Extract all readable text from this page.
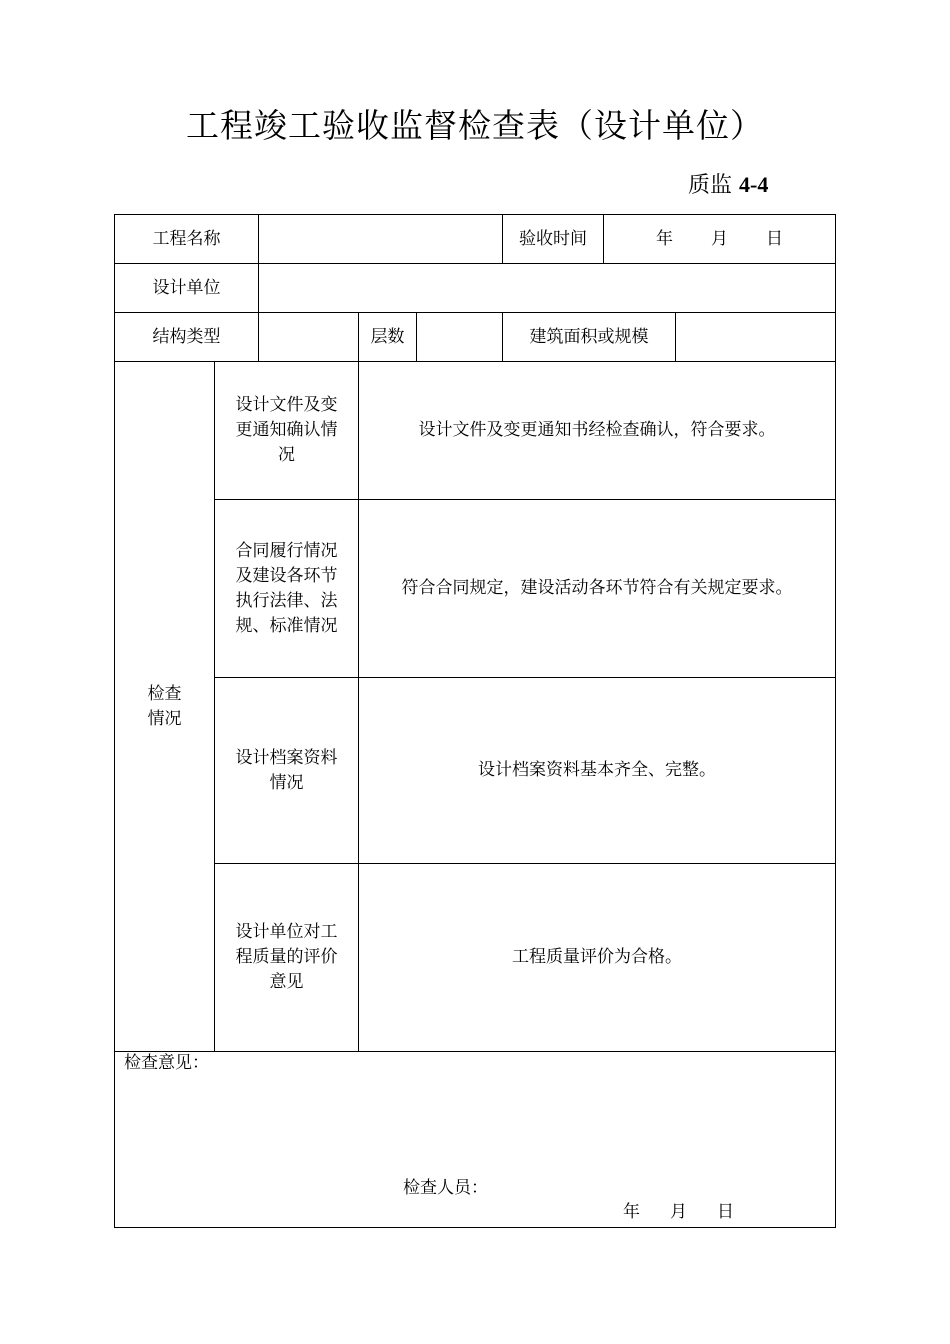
工程竣工验收监督检查表（设计单位）
质监 4-4
工程名称					验收时间	年 月 日	
设计单位							
结构类型			层数		建筑面积或规模		
检查
情况	设计文件及变更通知确认情况		设计文件及变更通知书经检查确认，符合要求。				
	合同履行情况及建设各环节执行法律、法规、标准情况		符合合同规定，建设活动各环节符合有关规定要求。				
	设计档案资料情况		设计档案资料基本齐全、完整。				
	设计单位对工程质量的评价意见		工程质量评价为合格。				

检查意见：
检查人员：
年 月 日							
